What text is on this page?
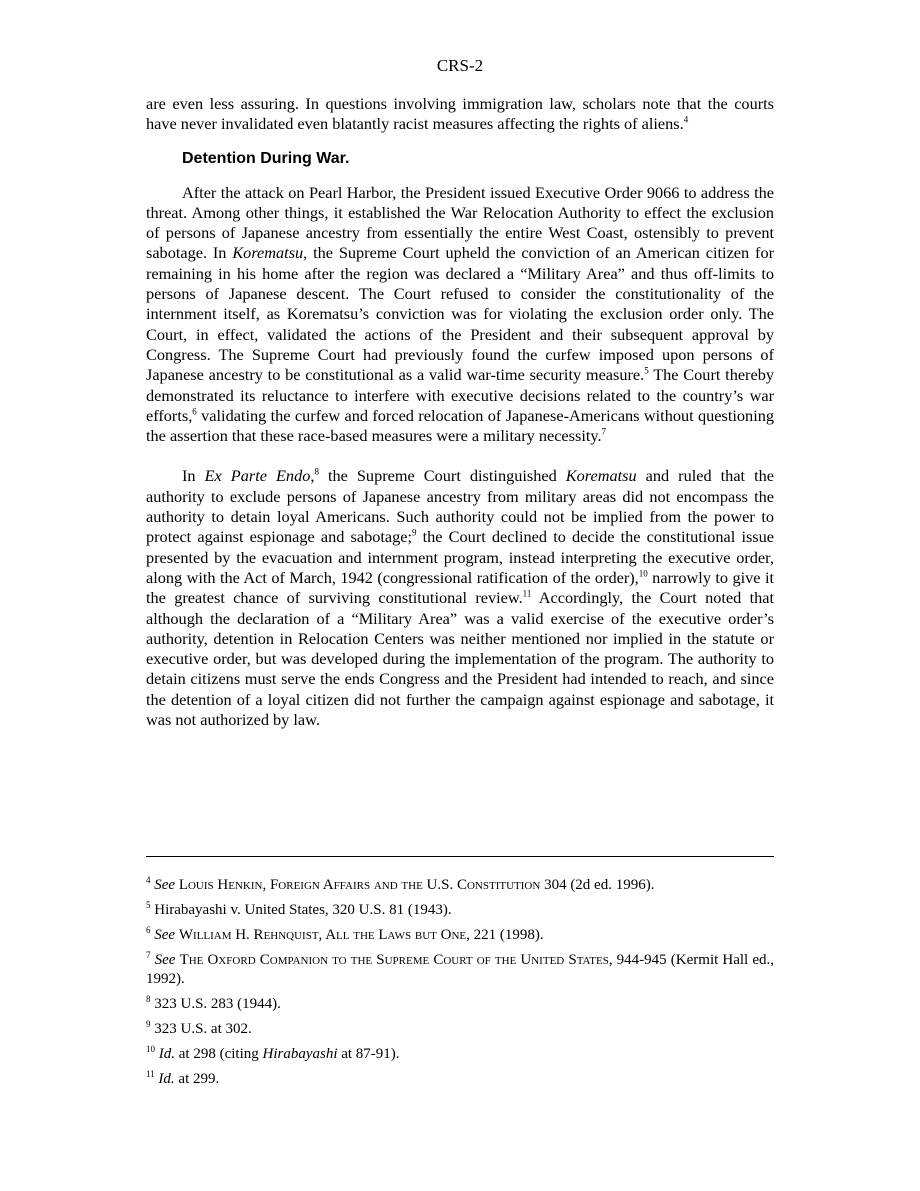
CRS-2

are even less assuring. In questions involving immigration law, scholars note that the courts have never invalidated even blatantly racist measures affecting the rights of aliens.$^4$

Detention During War.

After the attack on Pearl Harbor, the President issued Executive Order 9066 to address the threat. Among other things, it established the War Relocation Authority to effect the exclusion of persons of Japanese ancestry from essentially the entire West Coast, ostensibly to prevent sabotage. In Korematsu, the Supreme Court upheld the conviction of an American citizen for remaining in his home after the region was declared a “Military Area” and thus off-limits to persons of Japanese descent. The Court refused to consider the constitutionality of the internment itself, as Korematsu’s conviction was for violating the exclusion order only. The Court, in effect, validated the actions of the President and their subsequent approval by Congress. The Supreme Court had previously found the curfew imposed upon persons of Japanese ancestry to be constitutional as a valid war-time security measure.$^5$ The Court thereby demonstrated its reluctance to interfere with executive decisions related to the country’s war efforts,$^6$ validating the curfew and forced relocation of Japanese-Americans without questioning the assertion that these race-based measures were a military necessity.$^7$

In Ex Parte Endo,$^8$ the Supreme Court distinguished Korematsu and ruled that the authority to exclude persons of Japanese ancestry from military areas did not encompass the authority to detain loyal Americans. Such authority could not be implied from the power to protect against espionage and sabotage;$^9$ the Court declined to decide the constitutional issue presented by the evacuation and internment program, instead interpreting the executive order, along with the Act of March, 1942 (congressional ratification of the order),$^{10}$ narrowly to give it the greatest chance of surviving constitutional review.$^{11}$ Accordingly, the Court noted that although the declaration of a “Military Area” was a valid exercise of the executive order’s authority, detention in Relocation Centers was neither mentioned nor implied in the statute or executive order, but was developed during the implementation of the program. The authority to detain citizens must serve the ends Congress and the President had intended to reach, and since the detention of a loyal citizen did not further the campaign against espionage and sabotage, it was not authorized by law.

$^4$ See Louis Henkin, Foreign Affairs and the U.S. Constitution 304 (2d ed. 1996).

$^5$ Hirabayashi v. United States, 320 U.S. 81 (1943).

$^6$ See William H. Rehnquist, All the Laws but One, 221 (1998).

$^7$ See The Oxford Companion to the Supreme Court of the United States, 944-945 (Kermit Hall ed., 1992).

$^8$ 323 U.S. 283 (1944).

$^9$ 323 U.S. at 302.

$^{10}$ Id. at 298 (citing Hirabayashi at 87-91).

$^{11}$ Id. at 299.
